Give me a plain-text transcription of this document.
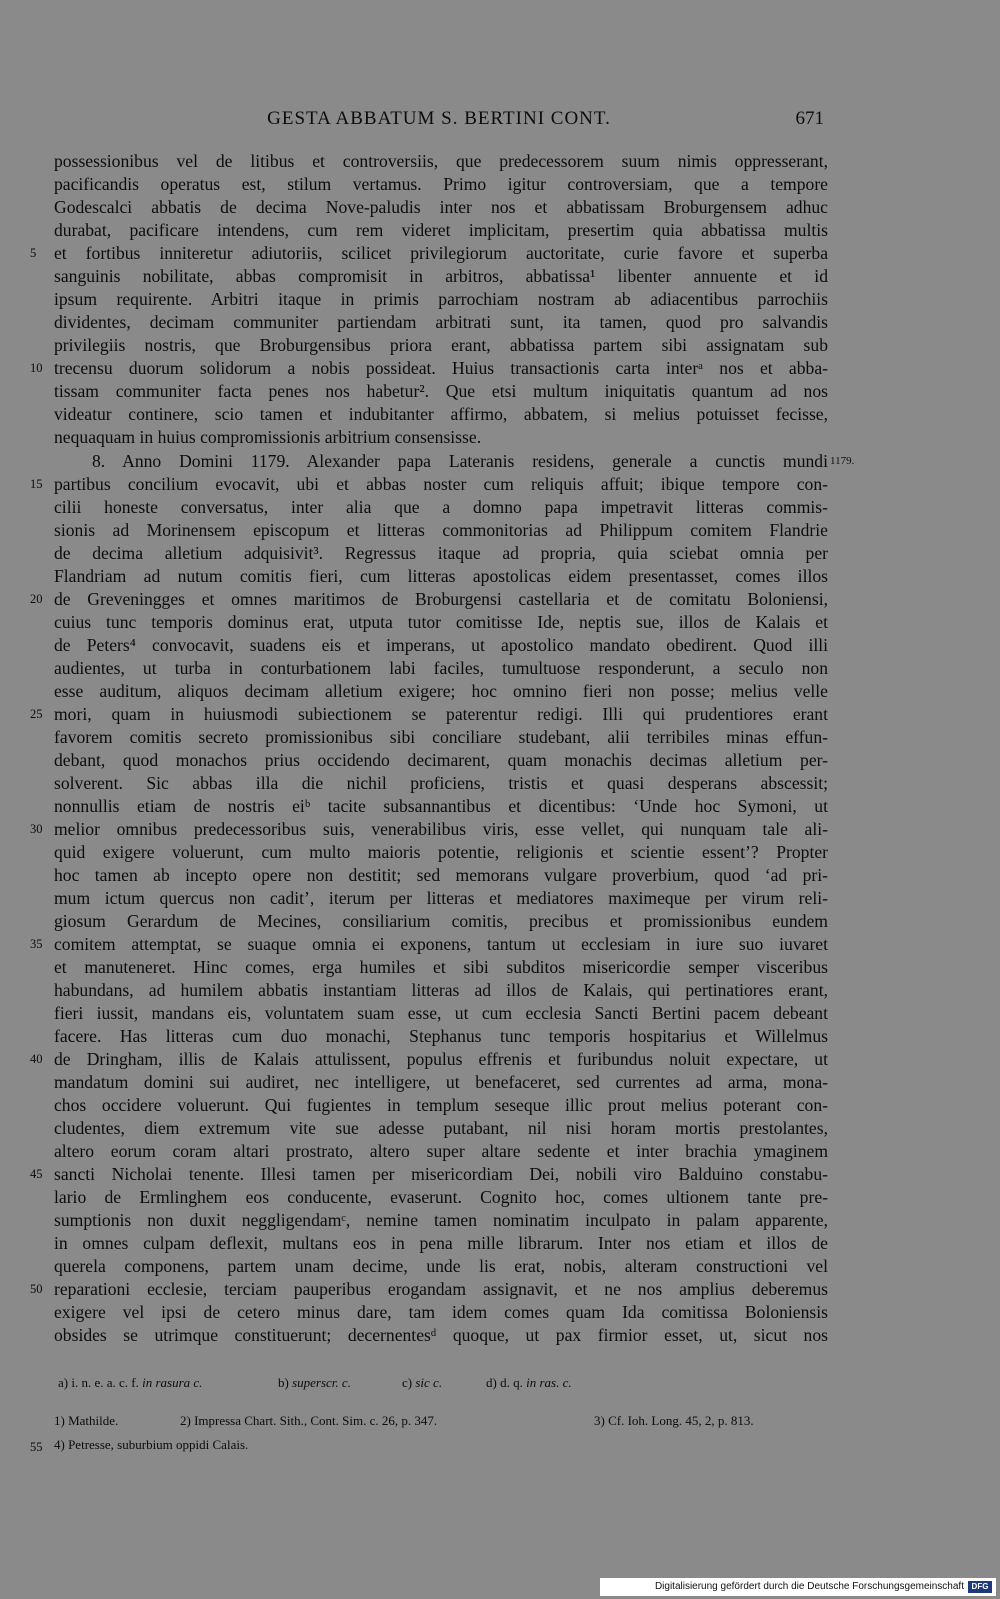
GESTA ABBATUM S. BERTINI CONT.	671
possessionibus vel de litibus et controversiis, que predecessorem suum nimis oppresserant,
pacificandis operatus est, stilum vertamus. Primo igitur controversiam, que a tempore
Godescalci abbatis de decima Nove-paludis inter nos et abbatissam Broburgensem adhuc
durabat, pacificare intendens, cum rem videret implicitam, presertim quia abbatissa multis
et fortibus inniteretur adiutoriis, scilicet privilegiorum auctoritate, curie favore et superba
sanguinis nobilitate, abbas compromisit in arbitros, abbatissa¹ libenter annuente et id
ipsum requirente. Arbitri itaque in primis parrochiam nostram ab adiacentibus parrochiis
dividentes, decimam communiter partiendam arbitrati sunt, ita tamen, quod pro salvandis
privilegiis nostris, que Broburgensibus priora erant, abbatissa partem sibi assignatam sub
trecensu duorum solidorum a nobis possideat. Huius transactionis carta interᵃ nos et abba-
tissam communiter facta penes nos habetur². Que etsi multum iniquitatis quantum ad nos
videatur continere, scio tamen et indubitanter affirmo, abbatem, si melius potuisset fecisse,
nequaquam in huius compromissionis arbitrium consensisse.
8. Anno Domini 1179. Alexander papa Lateranis residens, generale a cunctis mundi
partibus concilium evocavit, ubi et abbas noster cum reliquis affuit; ibique tempore con-
cilii honeste conversatus, inter alia que a domno papa impetravit litteras commis-
sionis ad Morinensem episcopum et litteras commonitorias ad Philippum comitem Flandrie
de decima alletium adquisivit³. Regressus itaque ad propria, quia sciebat omnia per
Flandriam ad nutum comitis fieri, cum litteras apostolicas eidem presentasset, comes illos
de Greveningges et omnes maritimos de Broburgensi castellaria et de comitatu Boloniensi,
cuius tunc temporis dominus erat, utputa tutor comitisse Ide, neptis sue, illos de Kalais et
de Peters⁴ convocavit, suadens eis et imperans, ut apostolico mandato obedirent. Quod illi
audientes, ut turba in conturbationem labi faciles, tumultuose responderunt, a seculo non
esse auditum, aliquos decimam alletium exigere; hoc omnino fieri non posse; melius velle
mori, quam in huiusmodi subiectionem se paterentur redigi. Illi qui prudentiores erant
favorem comitis secreto promissionibus sibi conciliare studebant, alii terribiles minas effun-
debant, quod monachos prius occidendo decimarent, quam monachis decimas alletium per-
solverent. Sic abbas illa die nichil proficiens, tristis et quasi desperans abscessit;
nonnullis etiam de nostris eiᵇ tacite subsannantibus et dicentibus: ‘Unde hoc Symoni, ut
melior omnibus predecessoribus suis, venerabilibus viris, esse vellet, qui nunquam tale ali-
quid exigere voluerunt, cum multo maioris potentie, religionis et scientie essent’? Propter
hoc tamen ab incepto opere non destitit; sed memorans vulgare proverbium, quod ‘ad pri-
mum ictum quercus non cadit’, iterum per litteras et mediatores maximeque per virum reli-
giosum Gerardum de Mecines, consiliarium comitis, precibus et promissionibus eundem
comitem attemptat, se suaque omnia ei exponens, tantum ut ecclesiam in iure suo iuvaret
et manuteneret. Hinc comes, erga humiles et sibi subditos misericordie semper visceribus
habundans, ad humilem abbatis instantiam litteras ad illos de Kalais, qui pertinatiores erant,
fieri iussit, mandans eis, voluntatem suam esse, ut cum ecclesia Sancti Bertini pacem debeant
facere. Has litteras cum duo monachi, Stephanus tunc temporis hospitarius et Willelmus
de Dringham, illis de Kalais attulissent, populus effrenis et furibundus noluit expectare, ut
mandatum domini sui audiret, nec intelligere, ut benefaceret, sed currentes ad arma, mona-
chos occidere voluerunt. Qui fugientes in templum seseque illic prout melius poterant con-
cludentes, diem extremum vite sue adesse putabant, nil nisi horam mortis prestolantes,
altero eorum coram altari prostrato, altero super altare sedente et inter brachia ymaginem
sancti Nicholai tenente. Illesi tamen per misericordiam Dei, nobili viro Balduino constabu-
lario de Ermlinghem eos conducente, evaserunt. Cognito hoc, comes ultionem tante pre-
sumptionis non duxit neggligendamᶜ, nemine tamen nominatim inculpato in palam apparente,
in omnes culpam deflexit, multans eos in pena mille librarum. Inter nos etiam et illos de
querela componens, partem unam decime, unde lis erat, nobis, alteram constructioni vel
reparationi ecclesie, terciam pauperibus erogandam assignavit, et ne nos amplius deberemus
exigere vel ipsi de cetero minus dare, tam idem comes quam Ida comitissa Boloniensis
obsides se utrimque constituerunt; decernentesᵈ quoque, ut pax firmior esset, ut, sicut nos
5
10
15
20
25
30
35
40
45
50
55
1179.
a) i. n. e. a. c. f. in rasura c.	b) superscr. c.	c) sic c.	d) d. q. in ras. c.
1) Mathilde.	2) Impressa Chart. Sith., Cont. Sim. c. 26, p. 347.	3) Cf. Ioh. Long. 45, 2, p. 813.
4) Petresse, suburbium oppidi Calais.
Digitalisierung gefördert durch die Deutsche Forschungsgemeinschaft DFG
